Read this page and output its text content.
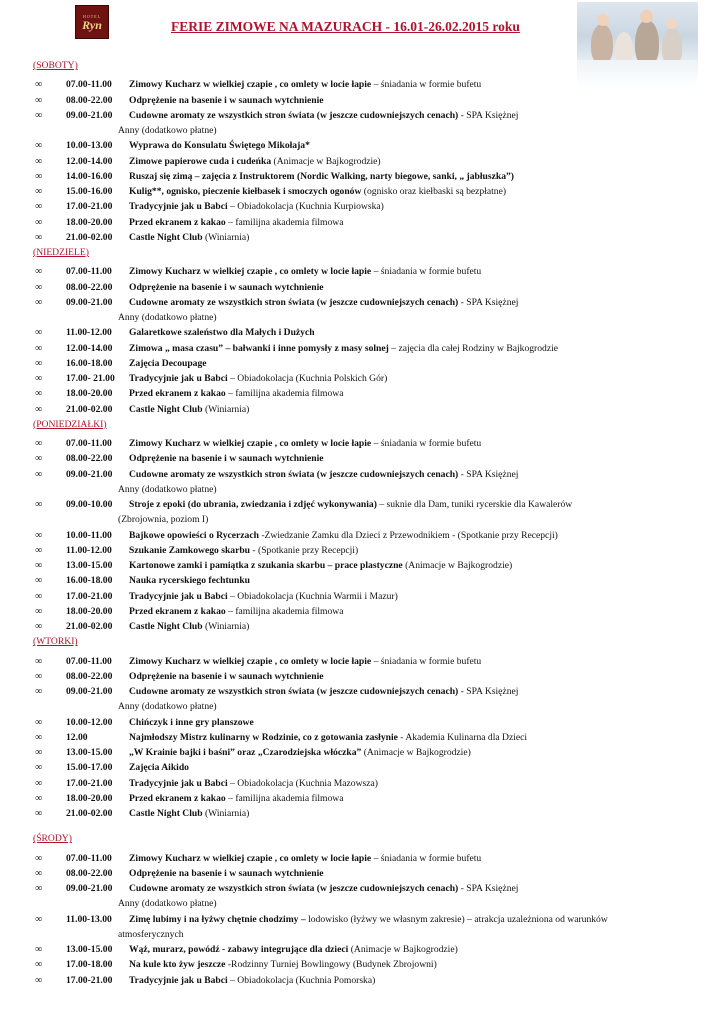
HOTEL
Ryn	FERIE ZIMOWE NA MAZURACH - 16.01-26.02.2015 roku
(SOBOTY)
∞ 07.00-11.00 Zimowy Kucharz w wielkiej czapie , co omlety w locie łapie – śniadania w formie bufetu
∞ 08.00-22.00 Odprężenie na basenie i w saunach wytchnienie
∞ 09.00-21.00 Cudowne aromaty ze wszystkich stron świata (w jeszcze cudowniejszych cenach) - SPA Księżnej
Anny (dodatkowo płatne)
∞ 10.00-13.00 Wyprawa do Konsulatu Świętego Mikołaja*
∞ 12.00-14.00 Zimowe papierowe cuda i cudeńka (Animacje w Bajkogrodzie)
∞ 14.00-16.00 Ruszaj się zimą – zajęcia z Instruktorem (Nordic Walking, narty biegowe, sanki, „ jabłuszka”)
∞ 15.00-16.00 Kulig**, ognisko, pieczenie kiełbasek i smoczych ogonów (ognisko oraz kiełbaski są bezpłatne)
∞ 17.00-21.00 Tradycyjnie jak u Babci – Obiadokolacja (Kuchnia Kurpiowska)
∞ 18.00-20.00 Przed ekranem z kakao – familijna akademia filmowa
∞ 21.00-02.00 Castle Night Club (Winiarnia)
(NIEDZIELE)
∞ 07.00-11.00 Zimowy Kucharz w wielkiej czapie , co omlety w locie łapie – śniadania w formie bufetu
∞ 08.00-22.00 Odprężenie na basenie i w saunach wytchnienie
∞ 09.00-21.00 Cudowne aromaty ze wszystkich stron świata (w jeszcze cudowniejszych cenach) - SPA Księżnej
Anny (dodatkowo płatne)
∞ 11.00-12.00 Galaretkowe szaleństwo dla Małych i Dużych
∞ 12.00-14.00 Zimowa „ masa czasu” – bałwanki i inne pomysły z masy solnej – zajęcia dla całej Rodziny w Bajkogrodzie
∞ 16.00-18.00 Zajęcia Decoupage
∞ 17.00- 21.00 Tradycyjnie jak u Babci – Obiadokolacja (Kuchnia Polskich Gór)
∞ 18.00-20.00 Przed ekranem z kakao – familijna akademia filmowa
∞ 21.00-02.00 Castle Night Club (Winiarnia)
(PONIEDZIAŁKI)
∞ 07.00-11.00 Zimowy Kucharz w wielkiej czapie , co omlety w locie łapie – śniadania w formie bufetu
∞ 08.00-22.00 Odprężenie na basenie i w saunach wytchnienie
∞ 09.00-21.00 Cudowne aromaty ze wszystkich stron świata (w jeszcze cudowniejszych cenach) - SPA Księżnej
Anny (dodatkowo płatne)
∞ 09.00-10.00 Stroje z epoki (do ubrania, zwiedzania i zdjęć wykonywania) – suknie dla Dam, tuniki rycerskie dla Kawalerów
(Zbrojownia, poziom I)
∞ 10.00-11.00 Bajkowe opowieści o Rycerzach -Zwiedzanie Zamku dla Dzieci z Przewodnikiem - (Spotkanie przy Recepcji)
∞ 11.00-12.00 Szukanie Zamkowego skarbu - (Spotkanie przy Recepcji)
∞ 13.00-15.00 Kartonowe zamki i pamiątka z szukania skarbu – prace plastyczne (Animacje w Bajkogrodzie)
∞ 16.00-18.00 Nauka rycerskiego fechtunku
∞ 17.00-21.00 Tradycyjnie jak u Babci – Obiadokolacja (Kuchnia Warmii i Mazur)
∞ 18.00-20.00 Przed ekranem z kakao – familijna akademia filmowa
∞ 21.00-02.00 Castle Night Club (Winiarnia)
(WTORKI)
∞ 07.00-11.00 Zimowy Kucharz w wielkiej czapie , co omlety w locie łapie – śniadania w formie bufetu
∞ 08.00-22.00 Odprężenie na basenie i w saunach wytchnienie
∞ 09.00-21.00 Cudowne aromaty ze wszystkich stron świata (w jeszcze cudowniejszych cenach) - SPA Księżnej
Anny (dodatkowo płatne)
∞ 10.00-12.00 Chińczyk i inne gry planszowe
∞ 12.00	Najmłodszy Mistrz kulinarny w Rodzinie, co z gotowania zasłynie - Akademia Kulinarna dla Dzieci
∞ 13.00-15.00 „W Krainie bajki i baśni” oraz „Czarodziejska włóczka” (Animacje w Bajkogrodzie)
∞ 15.00-17.00 Zajęcia Aikido
∞ 17.00-21.00 Tradycyjnie jak u Babci – Obiadokolacja (Kuchnia Mazowsza)
∞ 18.00-20.00 Przed ekranem z kakao – familijna akademia filmowa
∞ 21.00-02.00 Castle Night Club (Winiarnia)
(ŚRODY)
∞ 07.00-11.00 Zimowy Kucharz w wielkiej czapie , co omlety w locie łapie – śniadania w formie bufetu
∞ 08.00-22.00 Odprężenie na basenie i w saunach wytchnienie
∞ 09.00-21.00 Cudowne aromaty ze wszystkich stron świata (w jeszcze cudowniejszych cenach) - SPA Księżnej
Anny (dodatkowo płatne)
∞ 11.00-13.00 Zimę lubimy i na łyżwy chętnie chodzimy – lodowisko (łyżwy we własnym zakresie) – atrakcja uzależniona od warunków
atmosferycznych
∞ 13.00-15.00 Wąż, murarz, powódź - zabawy integrujące dla dzieci (Animacje w Bajkogrodzie)
∞ 17.00-18.00 Na kule kto żyw jeszcze -Rodzinny Turniej Bowlingowy (Budynek Zbrojowni)
∞ 17.00-21.00 Tradycyjnie jak u Babci – Obiadokolacja (Kuchnia Pomorska)
